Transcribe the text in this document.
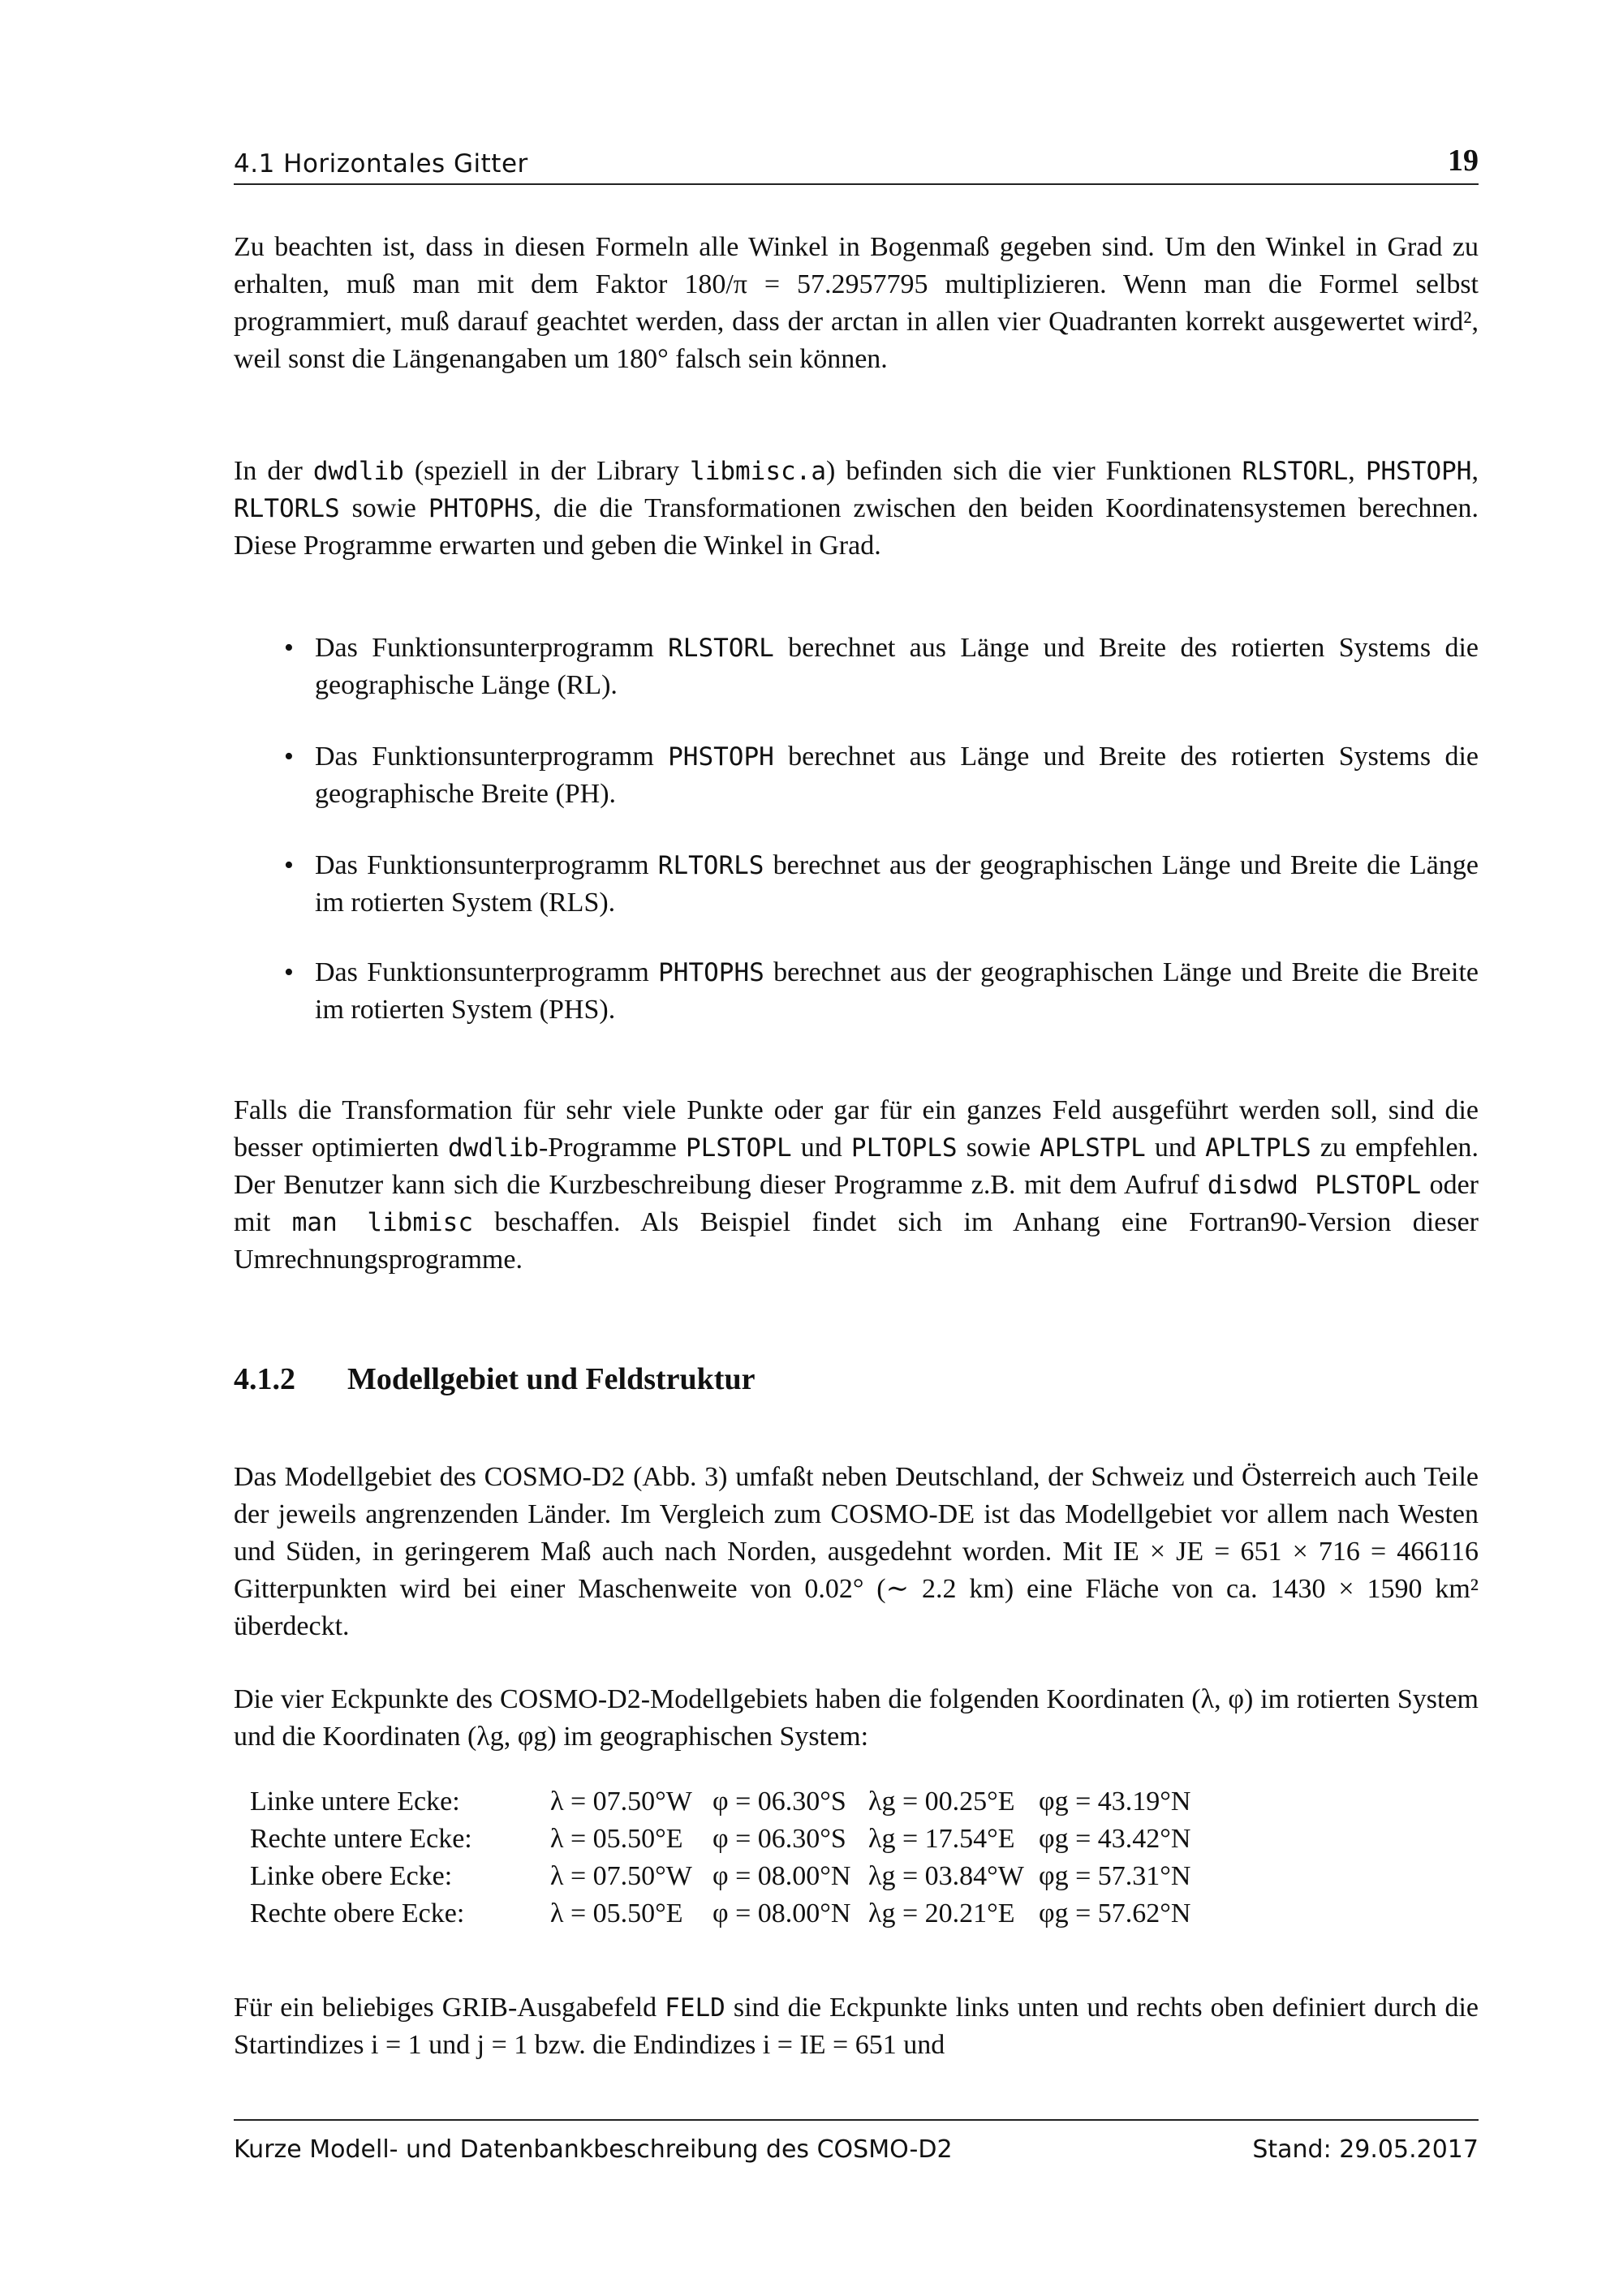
4.1 Horizontales Gitter	19

Zu beachten ist, dass in diesen Formeln alle Winkel in Bogenmaß gegeben sind. Um den Winkel in Grad zu erhalten, muß man mit dem Faktor 180/π = 57.2957795 multiplizieren. Wenn man die Formel selbst programmiert, muß darauf geachtet werden, dass der arctan in allen vier Quadranten korrekt ausgewertet wird², weil sonst die Längenangaben um 180° falsch sein können.

In der dwdlib (speziell in der Library libmisc.a) befinden sich die vier Funktionen RLSTORL, PHSTOPH, RLTORLS sowie PHTOPHS, die die Transformationen zwischen den beiden Koordinatensystemen berechnen. Diese Programme erwarten und geben die Winkel in Grad.

• Das Funktionsunterprogramm RLSTORL berechnet aus Länge und Breite des rotierten Systems die geographische Länge (RL).
• Das Funktionsunterprogramm PHSTOPH berechnet aus Länge und Breite des rotierten Systems die geographische Breite (PH).
• Das Funktionsunterprogramm RLTORLS berechnet aus der geographischen Länge und Breite die Länge im rotierten System (RLS).
• Das Funktionsunterprogramm PHTOPHS berechnet aus der geographischen Länge und Breite die Breite im rotierten System (PHS).

Falls die Transformation für sehr viele Punkte oder gar für ein ganzes Feld ausgeführt werden soll, sind die besser optimierten dwdlib-Programme PLSTOPL und PLTOPLS sowie APLSTPL und APLTPLS zu empfehlen. Der Benutzer kann sich die Kurzbeschreibung dieser Programme z.B. mit dem Aufruf disdwd PLSTOPL oder mit man libmisc beschaffen. Als Beispiel findet sich im Anhang eine Fortran90-Version dieser Umrechnungsprogramme.

4.1.2 Modellgebiet und Feldstruktur

Das Modellgebiet des COSMO-D2 (Abb. 3) umfaßt neben Deutschland, der Schweiz und Österreich auch Teile der jeweils angrenzenden Länder. Im Vergleich zum COSMO-DE ist das Modellgebiet vor allem nach Westen und Süden, in geringerem Maß auch nach Norden, ausgedehnt worden. Mit IE × JE = 651 × 716 = 466116 Gitterpunkten wird bei einer Maschenweite von 0.02° (∼ 2.2 km) eine Fläche von ca. 1430 × 1590 km² überdeckt.

Die vier Eckpunkte des COSMO-D2-Modellgebiets haben die folgenden Koordinaten (λ, φ) im rotierten System und die Koordinaten (λg, φg) im geographischen System:

Linke untere Ecke:	λ = 07.50°W	φ = 06.30°S	λg = 00.25°E	φg = 43.19°N
Rechte untere Ecke:	λ = 05.50°E	φ = 06.30°S	λg = 17.54°E	φg = 43.42°N
Linke obere Ecke:	λ = 07.50°W	φ = 08.00°N	λg = 03.84°W	φg = 57.31°N
Rechte obere Ecke:	λ = 05.50°E	φ = 08.00°N	λg = 20.21°E	φg = 57.62°N

Für ein beliebiges GRIB-Ausgabefeld FELD sind die Eckpunkte links unten und rechts oben definiert durch die Startindizes i = 1 und j = 1 bzw. die Endindizes i = IE = 651 und

Kurze Modell- und Datenbankbeschreibung des COSMO-D2	Stand: 29.05.2017
